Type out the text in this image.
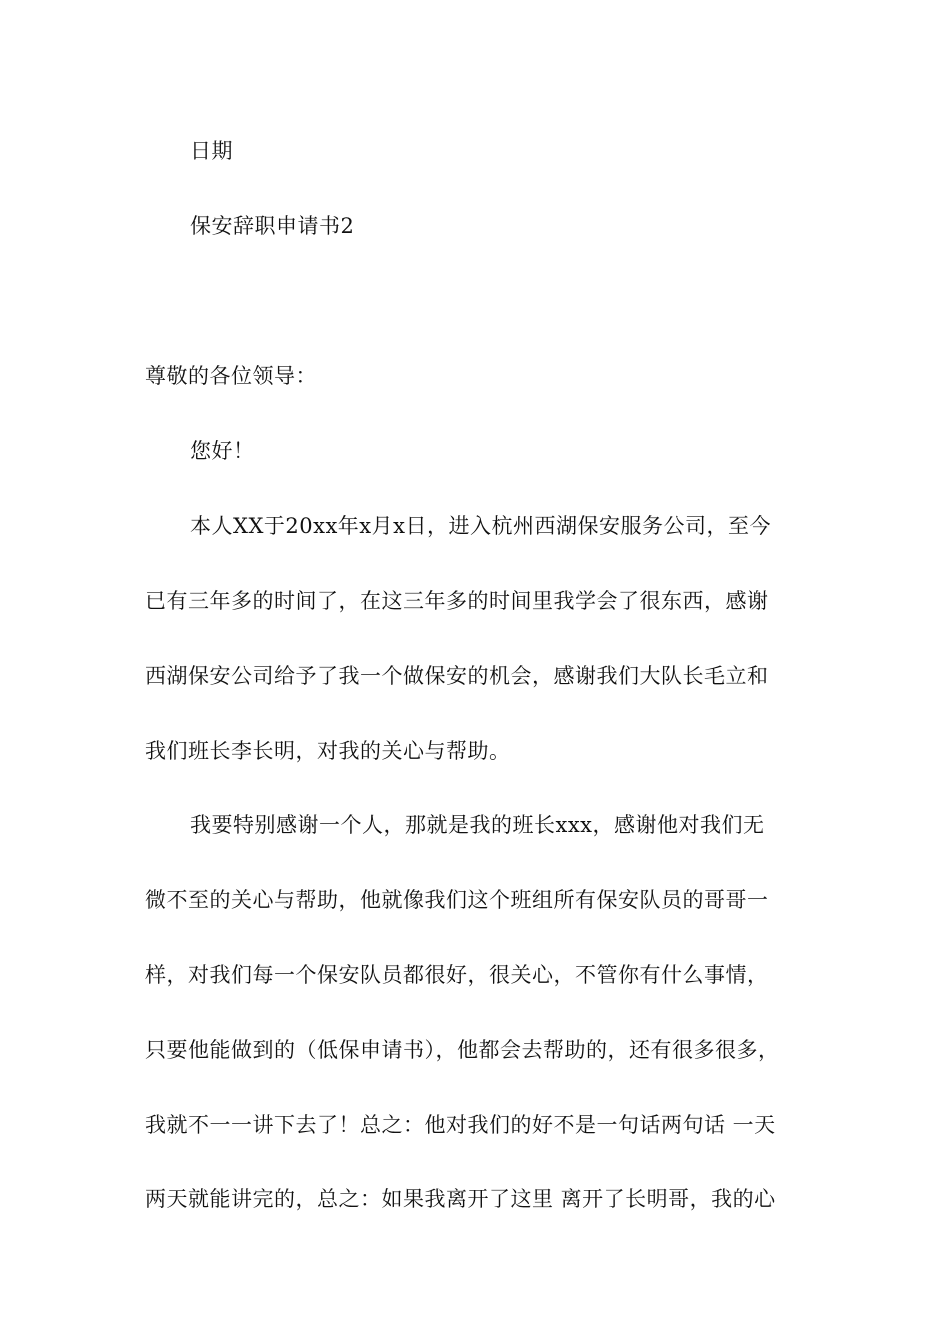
日期
保安辞职申请书2
尊敬的各位领导：
您好！
本人XX于20xx年x月x日，进入杭州西湖保安服务公司，至今
已有三年多的时间了，在这三年多的时间里我学会了很东西，感谢
西湖保安公司给予了我一个做保安的机会，感谢我们大队长毛立和
我们班长李长明，对我的关心与帮助。
我要特别感谢一个人，那就是我的班长xxx，感谢他对我们无
微不至的关心与帮助，他就像我们这个班组所有保安队员的哥哥一
样，对我们每一个保安队员都很好，很关心，不管你有什么事情，
只要他能做到的（低保申请书），他都会去帮助的，还有很多很多，
我就不一一讲下去了！总之：他对我们的好不是一句话两句话 一天
两天就能讲完的，总之：如果我离开了这里 离开了长明哥，我的心
